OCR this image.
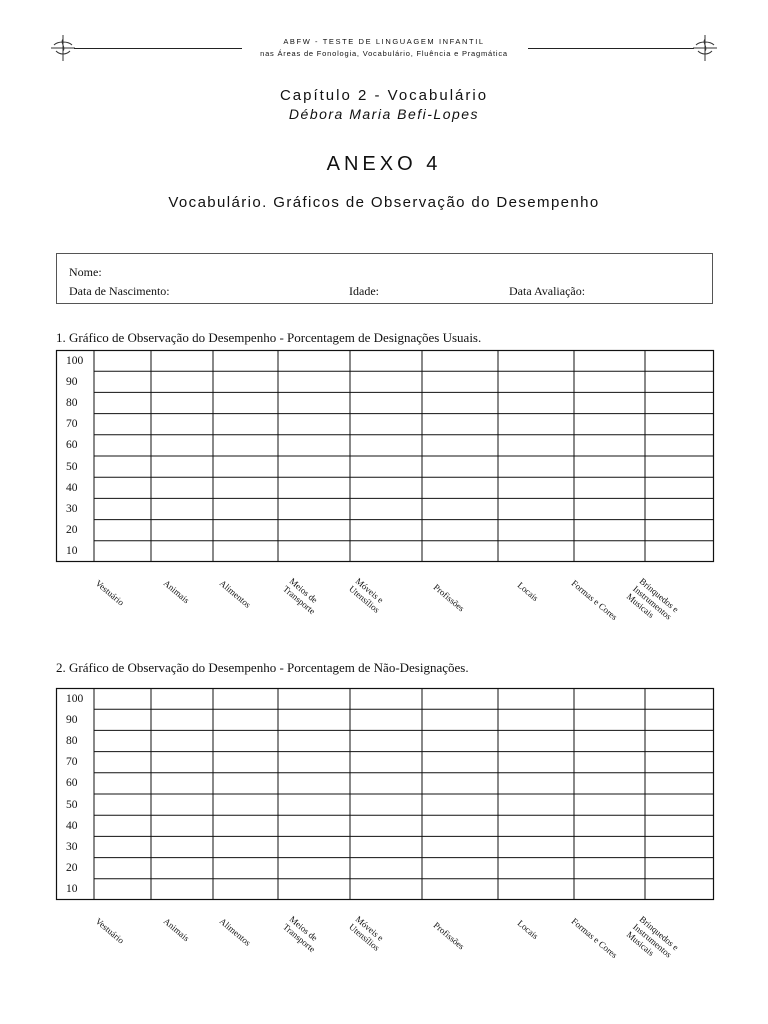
ABFW - TESTE DE LINGUAGEM INFANTIL
nas Áreas de Fonologia, Vocabulário, Fluência e Pragmática
Capítulo 2 - Vocabulário
Débora Maria Befi-Lopes
ANEXO 4
Vocabulário. Gráficos de Observação do Desempenho
Nome:
Data de Nascimento:	Idade:	Data Avaliação:
1. Gráfico de Observação do Desempenho - Porcentagem de Designações Usuais.
100
90
80
70
60
50
40
30
20
10
Vestuário	Animais	Alimentos	Meios de
Transporte	Móveis e
Utensílios	Profissões	Locais	Formas e Cores	Brinquedos e
Instrumentos
Musicais
2. Gráfico de Observação do Desempenho - Porcentagem de Não-Designações.
100
90
80
70
60
50
40
30
20
10
Vestuário	Animais	Alimentos	Meios de
Transporte	Móveis e
Utensílios	Profissões	Locais	Formas e Cores	Brinquedos e
Instrumentos
Musicais
